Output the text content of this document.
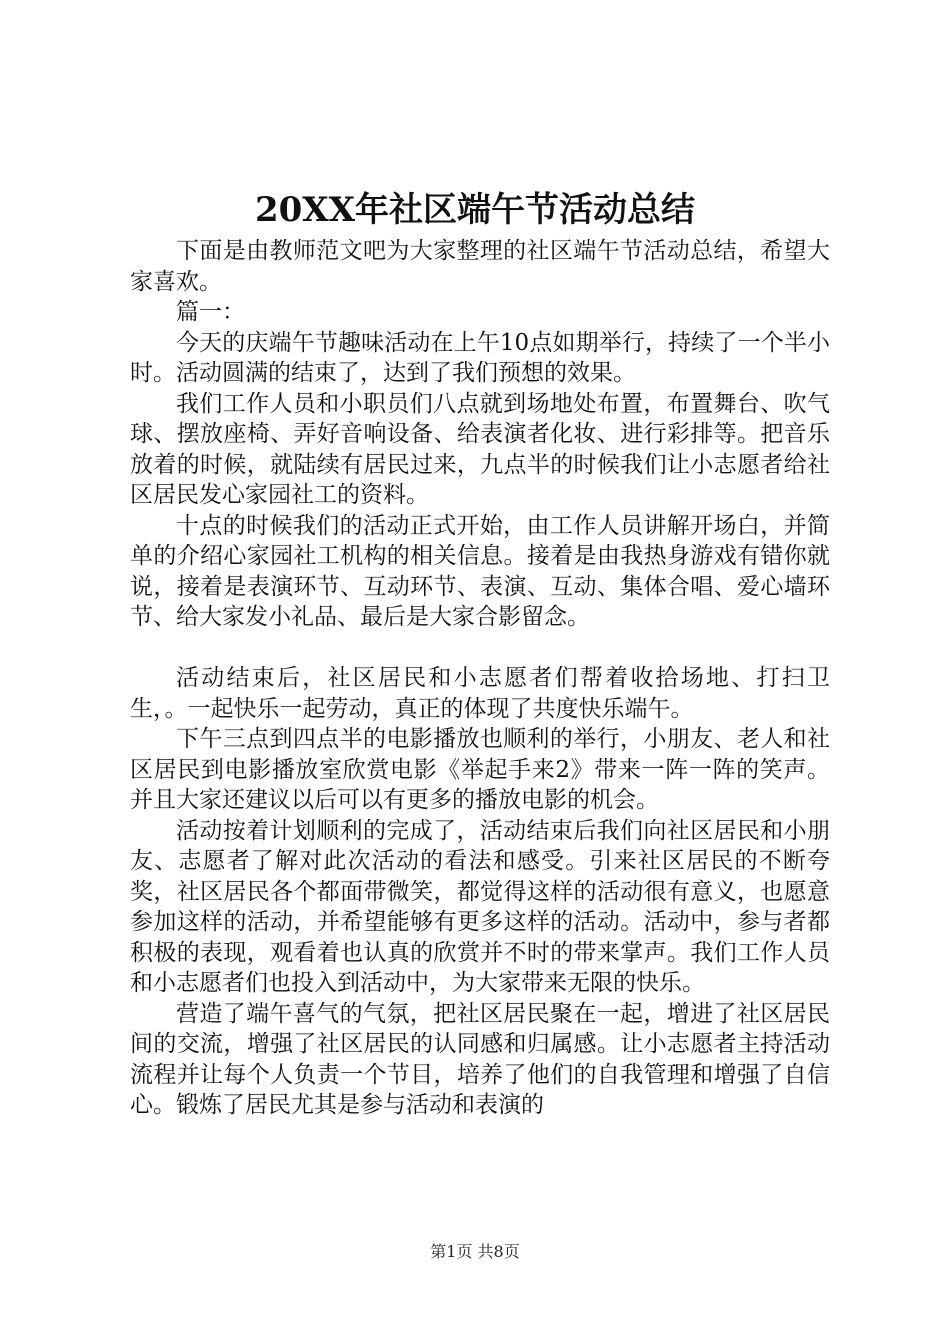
20XX年社区端午节活动总结

下面是由教师范文吧为大家整理的社区端午节活动总结，希望大家喜欢。

篇一：

今天的庆端午节趣味活动在上午10点如期举行，持续了一个半小时。活动圆满的结束了，达到了我们预想的效果。

我们工作人员和小职员们八点就到场地处布置，布置舞台、吹气球、摆放座椅、弄好音响设备、给表演者化妆、进行彩排等。把音乐放着的时候，就陆续有居民过来，九点半的时候我们让小志愿者给社区居民发心家园社工的资料。

十点的时候我们的活动正式开始，由工作人员讲解开场白，并简单的介绍心家园社工机构的相关信息。接着是由我热身游戏有错你就说，接着是表演环节、互动环节、表演、互动、集体合唱、爱心墙环节、给大家发小礼品、最后是大家合影留念。

活动结束后，社区居民和小志愿者们帮着收拾场地、打扫卫生，。一起快乐一起劳动，真正的体现了共度快乐端午。

下午三点到四点半的电影播放也顺利的举行，小朋友、老人和社区居民到电影播放室欣赏电影《举起手来2》带来一阵一阵的笑声。并且大家还建议以后可以有更多的播放电影的机会。

活动按着计划顺利的完成了，活动结束后我们向社区居民和小朋友、志愿者了解对此次活动的看法和感受。引来社区居民的不断夸奖，社区居民各个都面带微笑，都觉得这样的活动很有意义，也愿意参加这样的活动，并希望能够有更多这样的活动。活动中，参与者都积极的表现，观看着也认真的欣赏并不时的带来掌声。我们工作人员和小志愿者们也投入到活动中，为大家带来无限的快乐。

营造了端午喜气的气氛，把社区居民聚在一起，增进了社区居民间的交流，增强了社区居民的认同感和归属感。让小志愿者主持活动流程并让每个人负责一个节目，培养了他们的自我管理和增强了自信心。锻炼了居民尤其是参与活动和表演的

第1页 共8页
